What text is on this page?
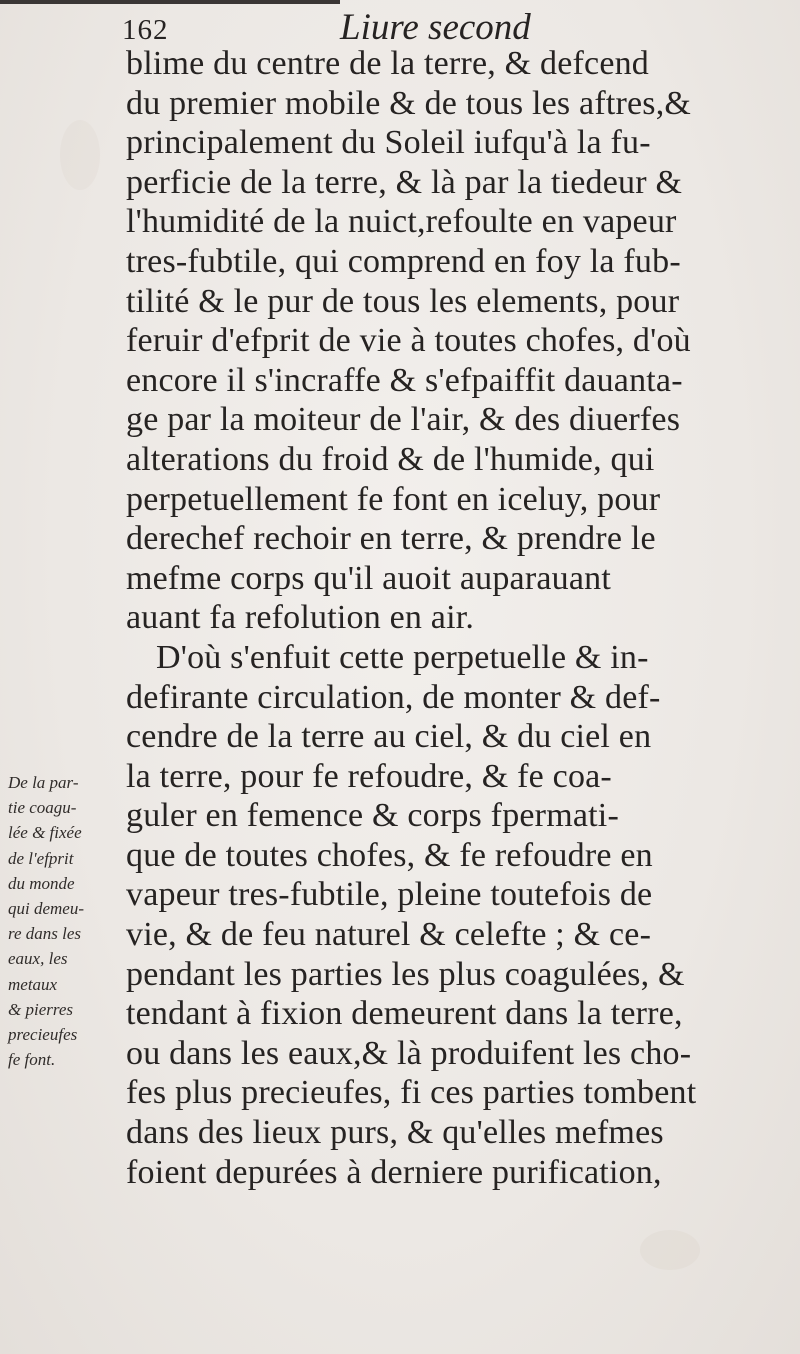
162	Liure second
blime du centre de la terre, & defcend
du premier mobile & de tous les aftres,&
principalement du Soleil iufqu'à la fu-
perficie de la terre, & là par la tiedeur &
l'humidité de la nuict,refoulte en vapeur
tres-fubtile, qui comprend en foy la fub-
tilité & le pur de tous les elements, pour
feruir d'efprit de vie à toutes chofes, d'où
encore il s'incraffe & s'efpaiffit dauanta-
ge par la moiteur de l'air, & des diuerfes
alterations du froid & de l'humide, qui
perpetuellement fe font en iceluy, pour
derechef rechoir en terre, & prendre le
mefme corps qu'il auoit auparauant
auant fa refolution en air.
D'où s'enfuit cette perpetuelle & in-
defirante circulation, de monter & def-
cendre de la terre au ciel, & du ciel en
la terre, pour fe refoudre, & fe coa-
guler en femence & corps fpermati-
que de toutes chofes, & fe refoudre en
vapeur tres-fubtile, pleine toutefois de
vie, & de feu naturel & celefte ; & ce-
pendant les parties les plus coagulées, &
tendant à fixion demeurent dans la terre,
ou dans les eaux,& là produifent les cho-
fes plus precieufes, fi ces parties tombent
dans des lieux purs, & qu'elles mefmes
foient depurées à derniere purification,
De la par-
tie coagu-
lée & fixée
de l'efprit
du monde
qui demeu-
re dans les
eaux, les
metaux
& pierres
precieufes
fe font.
